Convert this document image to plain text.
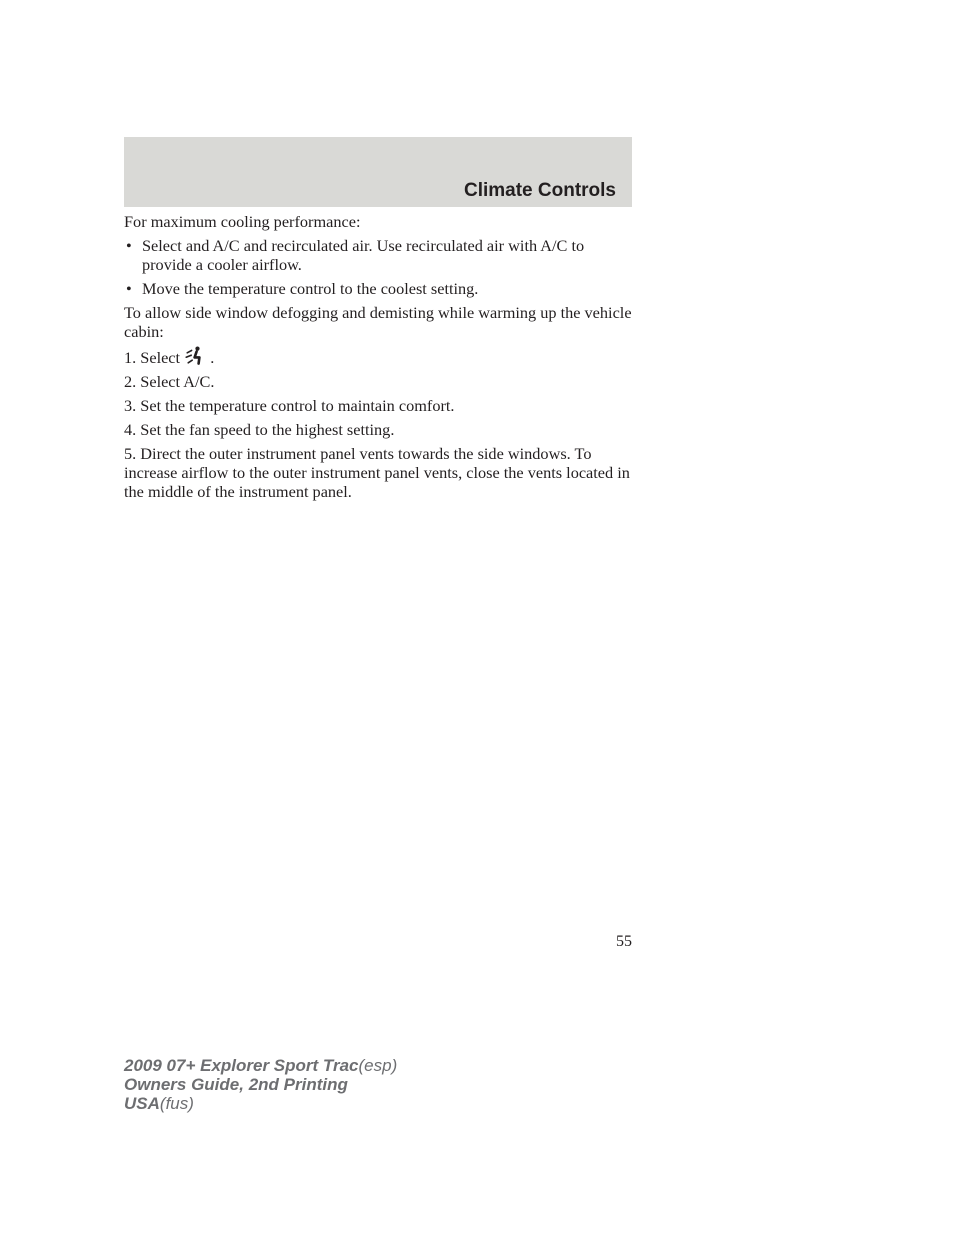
Climate Controls

For maximum cooling performance:

• Select and A/C and recirculated air. Use recirculated air with A/C to provide a cooler airflow.
• Move the temperature control to the coolest setting.

To allow side window defogging and demisting while warming up the vehicle cabin:

1. Select .

2. Select A/C.

3. Set the temperature control to maintain comfort.

4. Set the fan speed to the highest setting.

5. Direct the outer instrument panel vents towards the side windows. To increase airflow to the outer instrument panel vents, close the vents located in the middle of the instrument panel.

55
2009 07+ Explorer Sport Trac(esp)
Owners Guide, 2nd Printing
USA(fus)
